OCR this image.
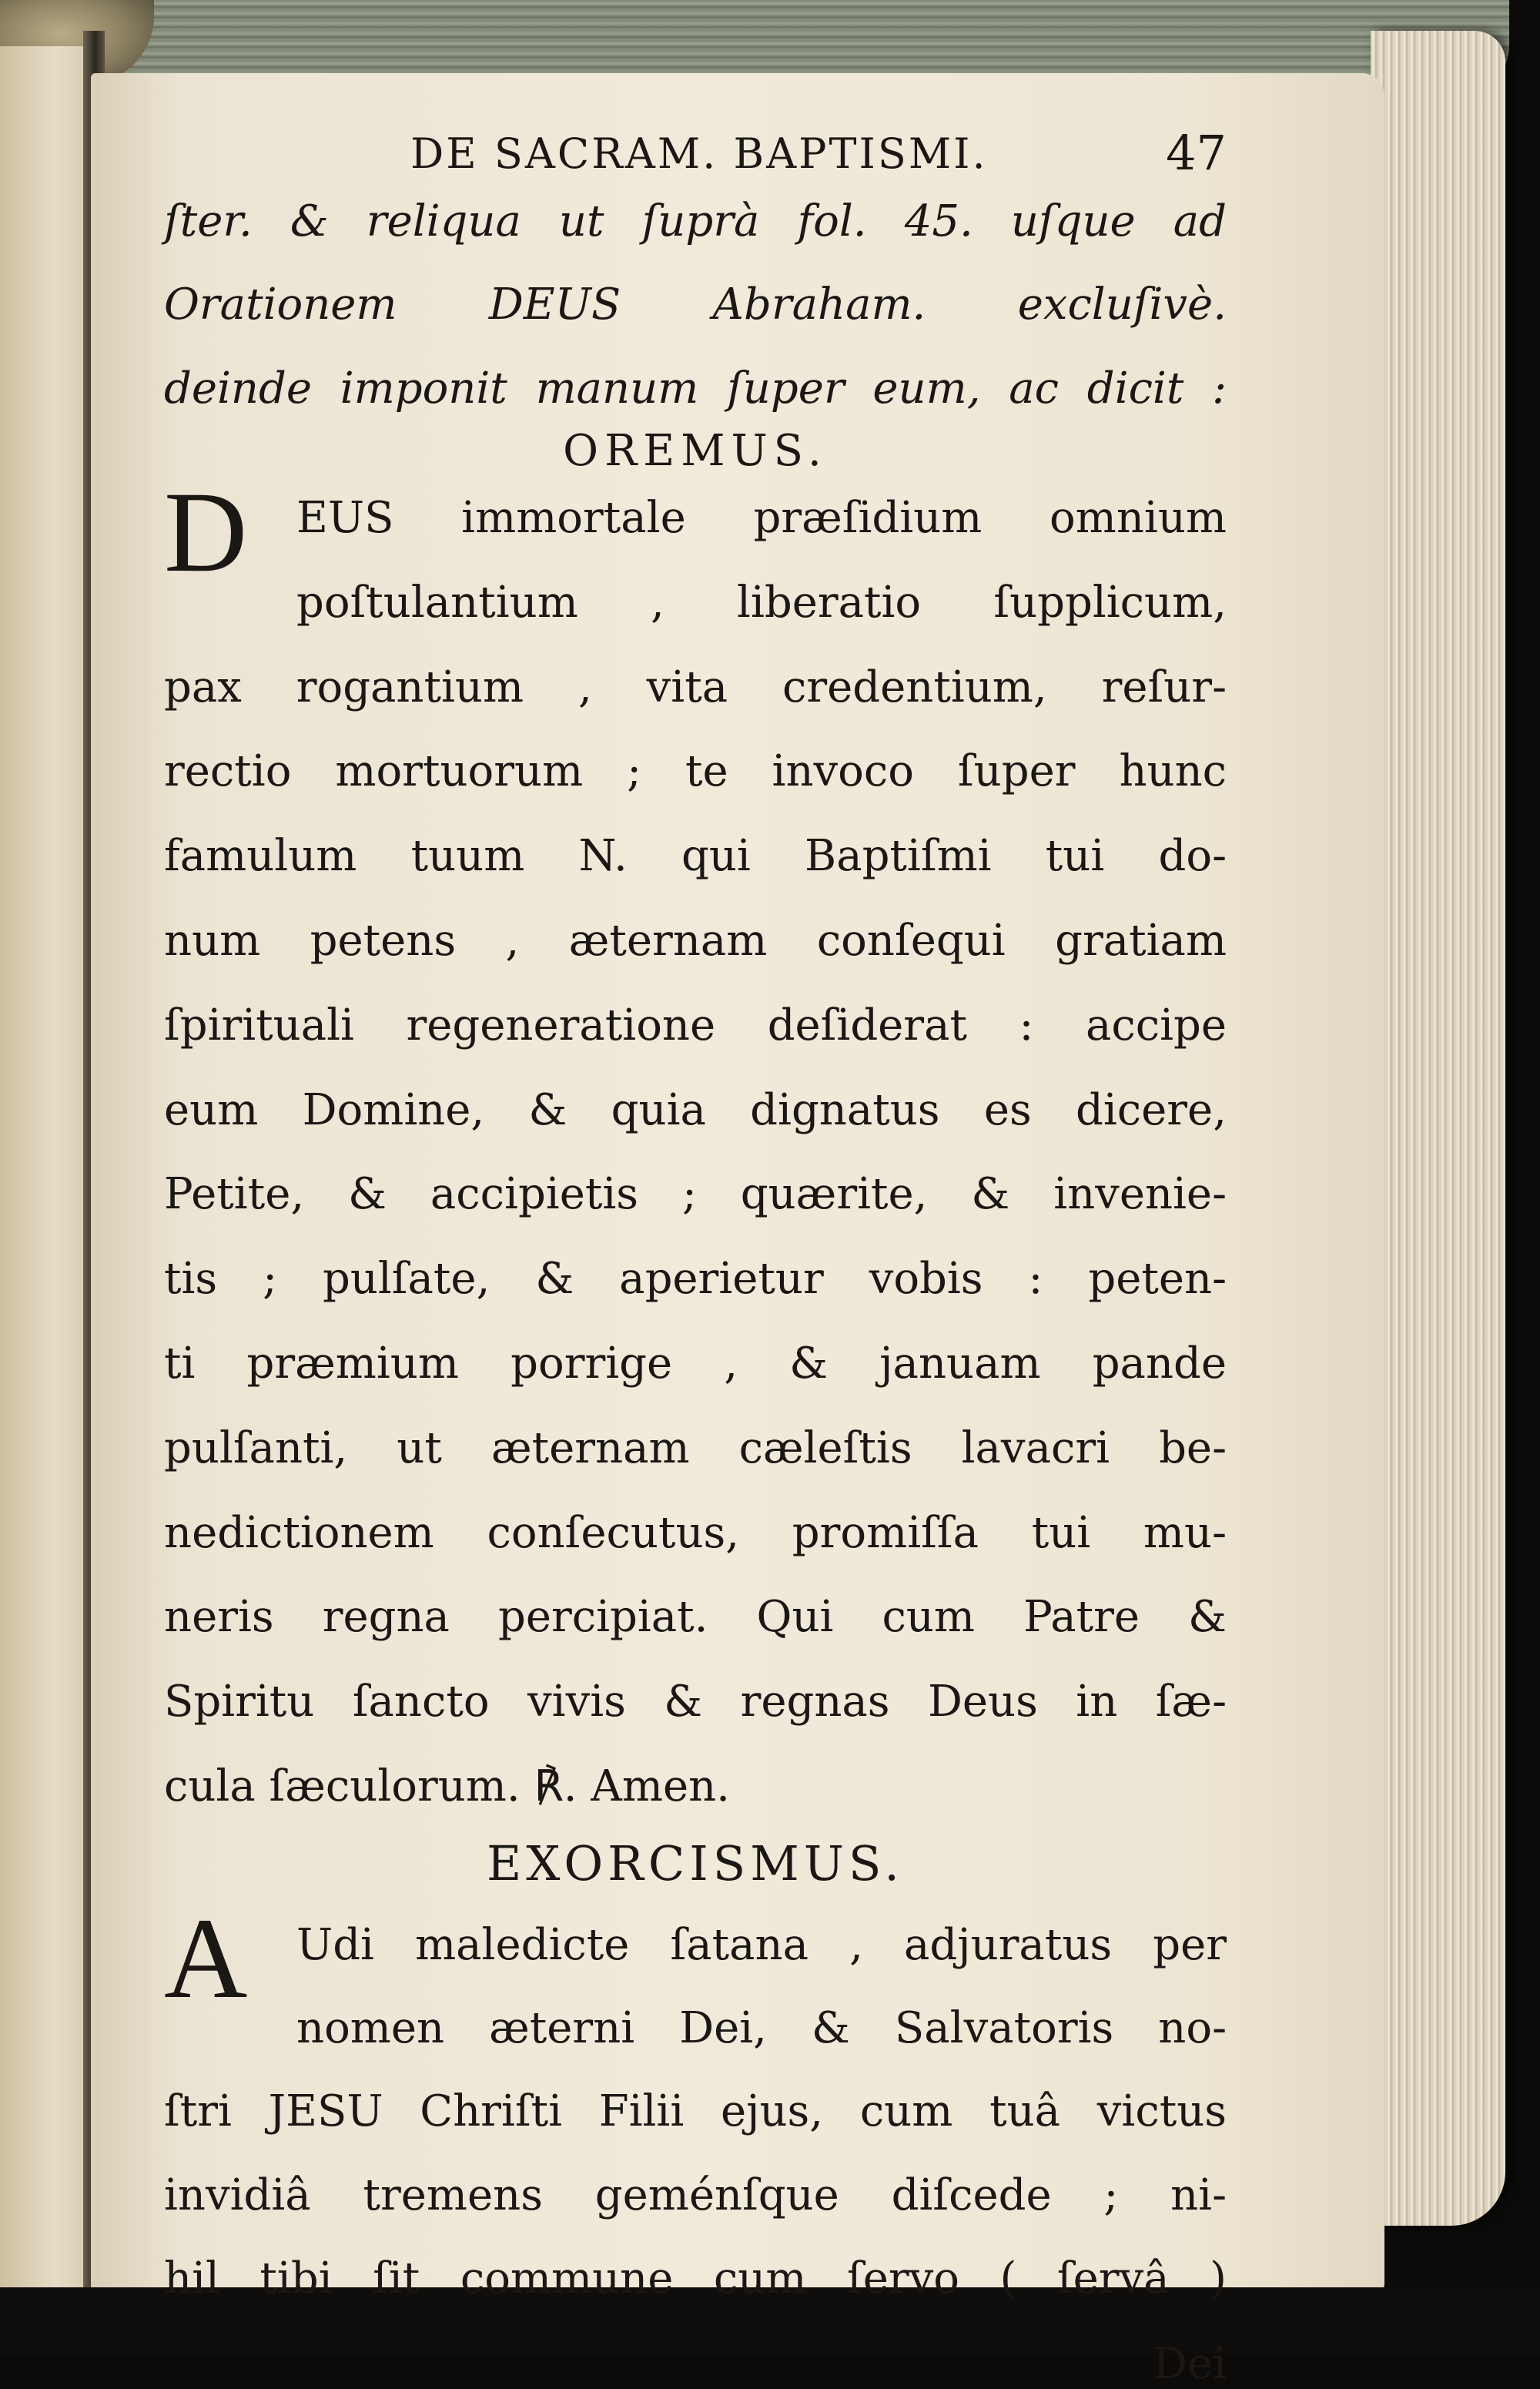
DE SACRAM. BAPTISMI.	47
ſter. & reliqua ut ſuprà fol. 45. uſque ad
Orationem DEUS Abraham. excluſivè.
deinde imponit manum ſuper eum, ac dicit :
OREMUS.
D EUS immortale præſidium omnium
poſtulantium , liberatio ſupplicum,
pax rogantium , vita credentium, reſur-
rectio mortuorum ; te invoco ſuper hunc
famulum tuum N. qui Baptiſmi tui do-
num petens , æternam conſequi gratiam
ſpirituali regeneratione deſiderat : accipe
eum Domine, & quia dignatus es dicere,
Petite, & accipietis ; quærite, & invenie-
tis ; pulſate, & aperietur vobis : peten-
ti præmium porrige , & januam pande
pulſanti, ut æternam cæleſtis lavacri be-
nedictionem conſecutus, promiſſa tui mu-
neris regna percipiat. Qui cum Patre &
Spiritu ſancto vivis & regnas Deus in ſæ-
cula ſæculorum. ℟. Amen.
EXORCISMUS.
A Udi maledicte ſatana , adjuratus per
nomen æterni Dei, & Salvatoris no-
ſtri JESU Chriſti Filii ejus, cum tuâ victus
invidiâ tremens geménſque diſcede ; ni-
hil tibi ſit commune cum ſervo ( ſervâ )
Dei
